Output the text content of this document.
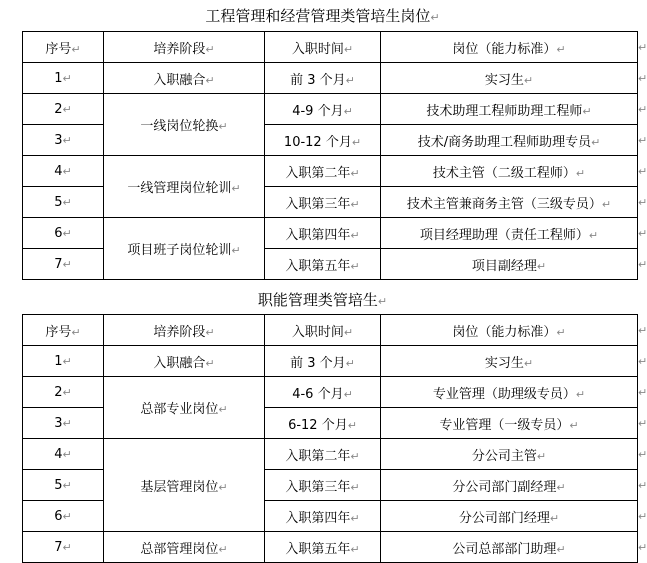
工程管理和经营管理类管培生岗位↵
序号↵	培养阶段↵	入职时间↵	岗位（能力标准）↵	↵
1↵	入职融合↵	前 3 个月↵	实习生↵	↵
2↵	一线岗位轮换↵	4-9 个月↵	技术助理工程师助理工程师↵	↵
3↵		10-12 个月↵	技术/商务助理工程师助理专员↵	↵
4↵	一线管理岗位轮训↵	入职第二年↵	技术主管（二级工程师）↵	↵
5↵		入职第三年↵	技术主管兼商务主管（三级专员）↵	↵
6↵	项目班子岗位轮训↵	入职第四年↵	项目经理助理（责任工程师）↵	↵
7↵		入职第五年↵	项目副经理↵	↵
职能管理类管培生↵
序号↵	培养阶段↵	入职时间↵	岗位（能力标准）↵	↵
1↵	入职融合↵	前 3 个月↵	实习生↵	↵
2↵	总部专业岗位↵	4-6 个月↵	专业管理（助理级专员）↵	↵
3↵		6-12 个月↵	专业管理（一级专员）↵	↵
4↵	基层管理岗位↵	入职第二年↵	分公司主管↵	↵
5↵		入职第三年↵	分公司部门副经理↵	↵
6↵		入职第四年↵	分公司部门经理↵	↵
7↵	总部管理岗位↵	入职第五年↵	公司总部部门助理↵	↵
